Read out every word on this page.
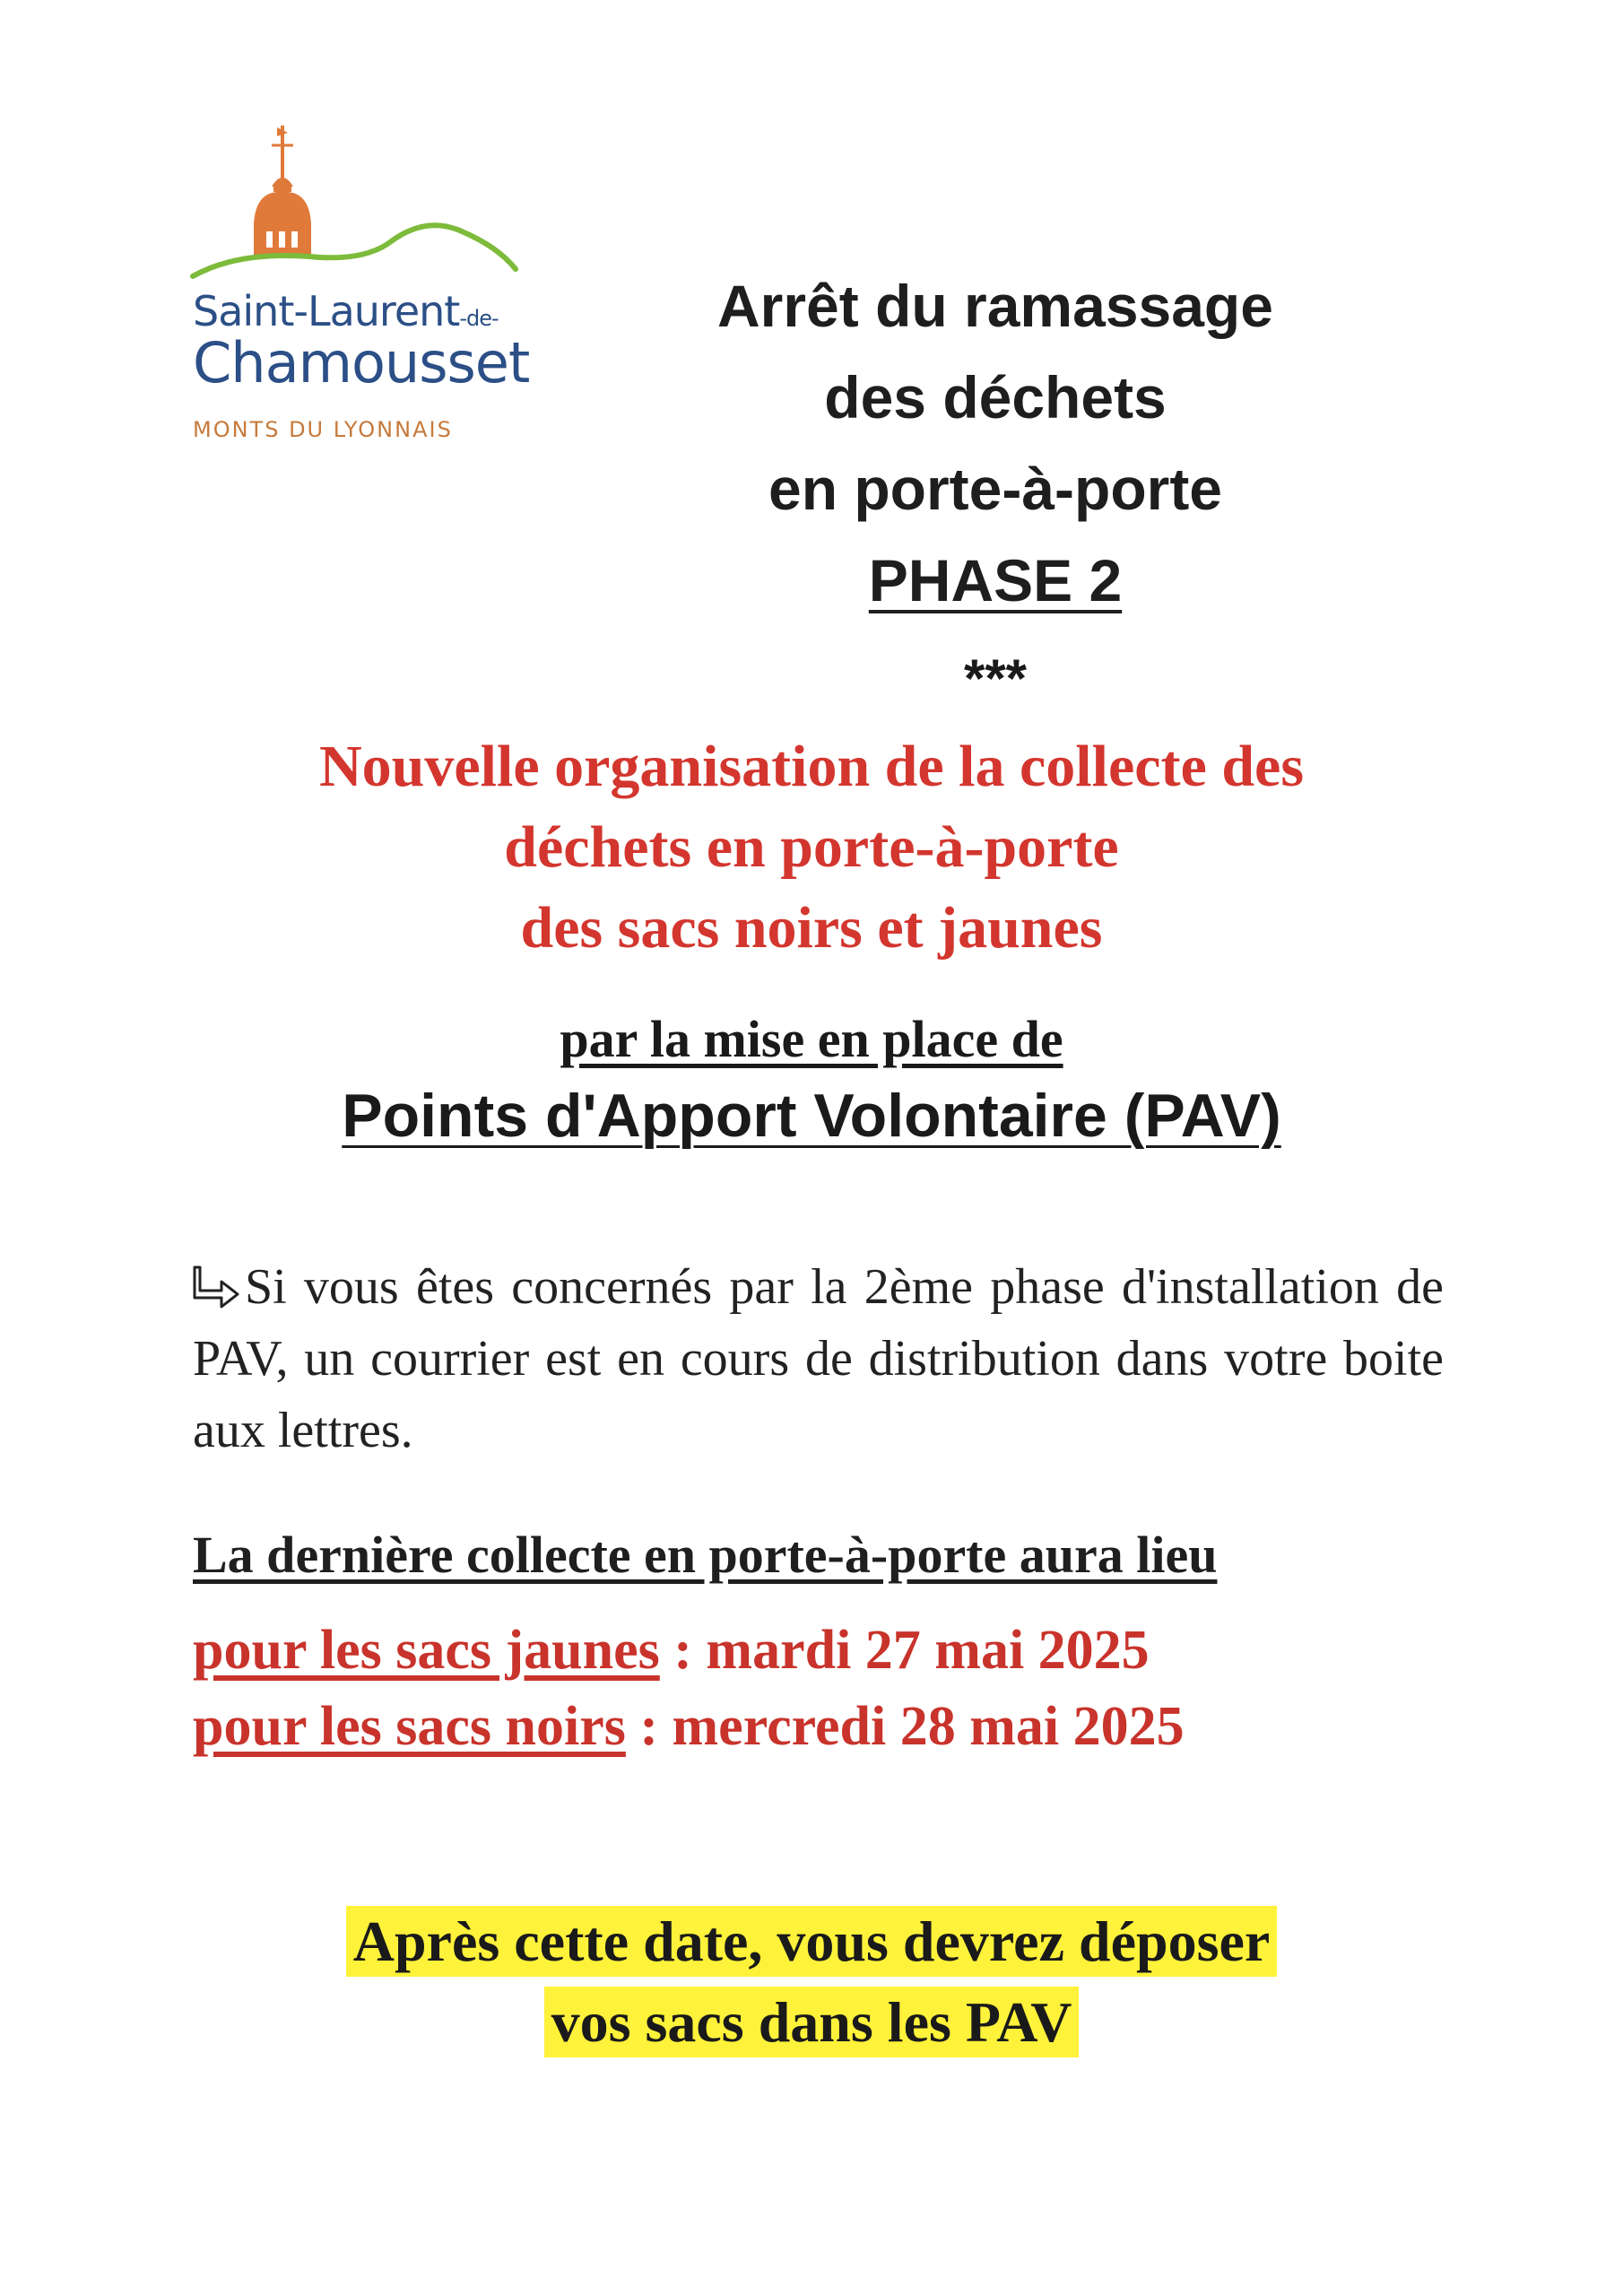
Saint-Laurent-de-
Chamousset
MONTS DU LYONNAIS
Arrêt du ramassage
des déchets
en porte-à-porte
PHASE 2
***
Nouvelle organisation de la collecte des
déchets en porte-à-porte
des sacs noirs et jaunes
par la mise en place de
Points d'Apport Volontaire (PAV)
Si vous êtes concernés par la 2ème phase d'installation de PAV, un courrier est en cours de distribution dans votre boite aux lettres.
La dernière collecte en porte-à-porte aura lieu
pour les sacs jaunes : mardi 27 mai 2025
pour les sacs noirs : mercredi 28 mai 2025
Après cette date, vous devrez déposer
vos sacs dans les PAV
